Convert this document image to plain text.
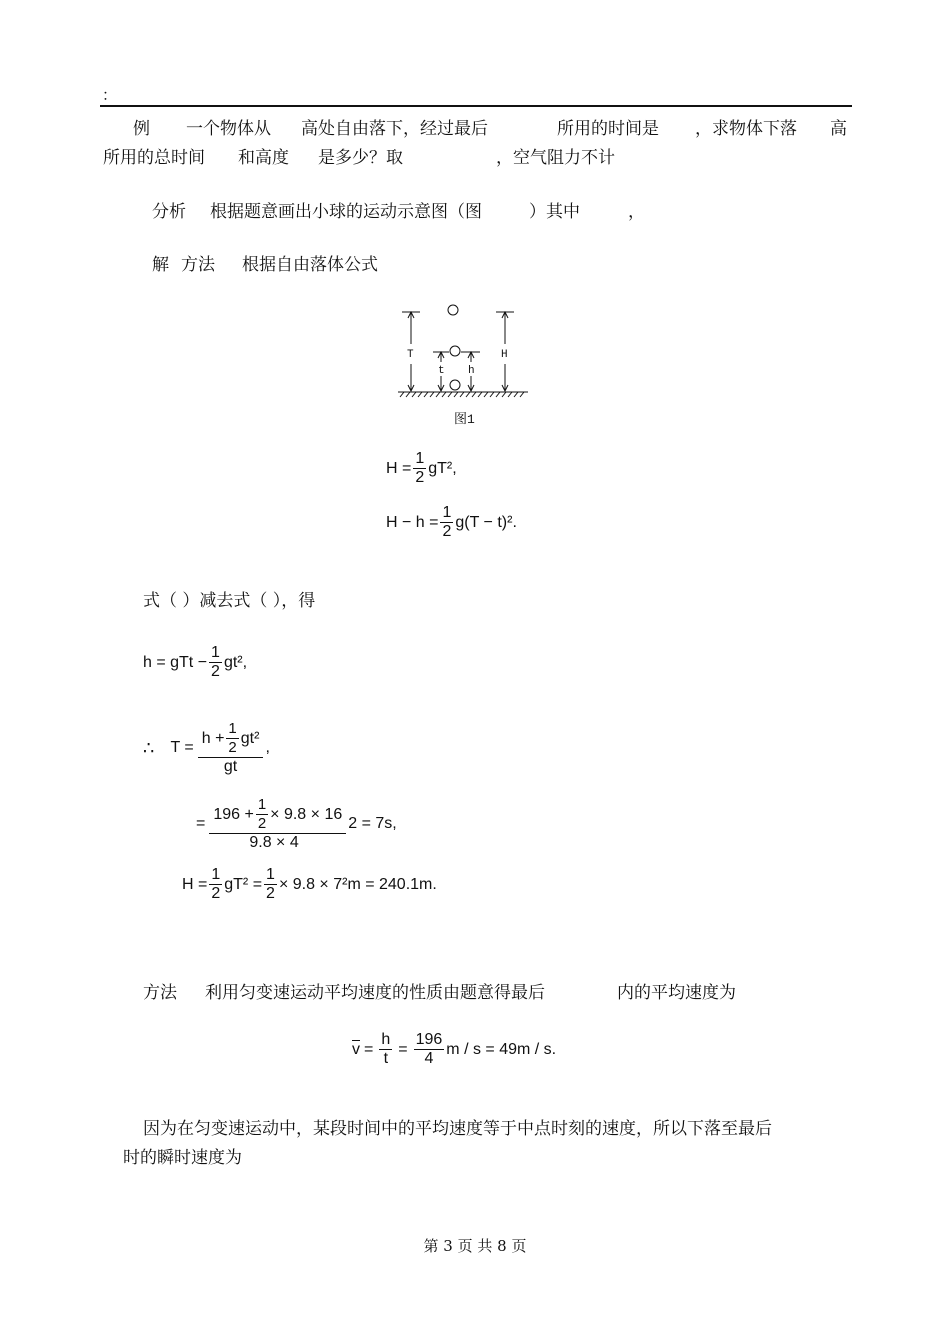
：
例 一个物体从 高处自由落下，经过最后	所用的时间是 ，求物体下落 高
所用的总时间 和高度 是多少？取	，空气阻力不计
分析 根据题意画出小球的运动示意图（图	）其中	，
解 方法 根据自由落体公式
T
t h
H
图1
$H = \frac{1}{2} gT^2$,
$H - h = \frac{1}{2} g(T - t)^2$.
式（ ）减去式（ ），得
h = gTt − $\frac{1}{2} gt^2$,
∴ $T = \frac{h + \frac{1}{2} gt^2}{gt}$ ,
= $\frac{196 + \frac{1}{2} \times 9.8 \times 16}{9.8 \times 4} 2 = 7s$,
$H = \frac{1}{2} gT^2 = \frac{1}{2} \times 9.8 \times 7^2m = 240.1m$.
方法 利用匀变速运动平均速度的性质由题意得最后	内的平均速度为
$\overline{v} = \frac{h}{t} = \frac{196}{4}$ m / s = 49m / s.
因为在匀变速运动中，某段时间中的平均速度等于中点时刻的速度，所以下落至最后
时的瞬时速度为
第 3 页 共 8 页
